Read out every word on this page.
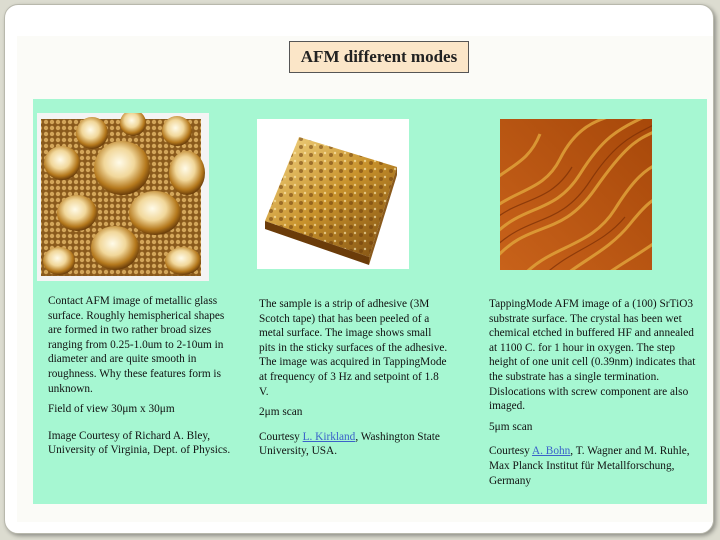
AFM different modes

Contact AFM image of metallic glass surface. Roughly hemispherical shapes are formed in two rather broad sizes ranging from 0.25-1.0um to 2-10um in diameter and are quite smooth in roughness. Why these features form is unknown.

Field of view 30μm x 30μm

Image Courtesy of Richard A. Bley, University of Virginia, Dept. of Physics.

The sample is a strip of adhesive (3M Scotch tape) that has been peeled of a metal surface. The image shows small pits in the sticky surfaces of the adhesive. The image was acquired in TappingMode at frequency of 3 Hz and setpoint of 1.8 V.

2μm scan

Courtesy L. Kirkland, Washington State University, USA.

TappingMode AFM image of a (100) SrTiO3 substrate surface. The crystal has been wet chemical etched in buffered HF and annealed at 1100 C. for 1 hour in oxygen. The step height of one unit cell (0.39nm) indicates that the substrate has a single termination. Dislocations with screw component are also imaged.

5μm scan

Courtesy A. Bohn, T. Wagner and M. Ruhle, Max Planck Institut für Metallforschung, Germany
